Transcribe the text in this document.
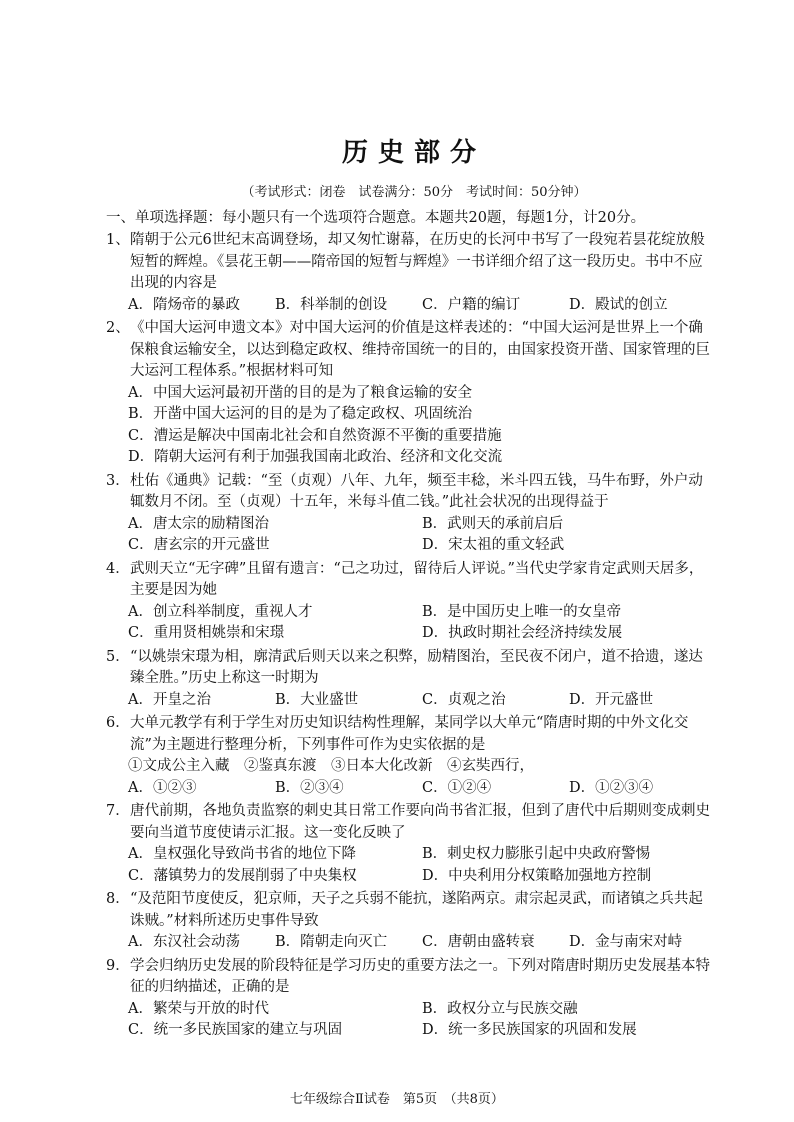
历史部分
（考试形式：闭卷　试卷满分：50分　考试时间：50分钟）
一、单项选择题：每小题只有一个选项符合题意。本题共20题，每题1分，计20分。
1、 隋朝于公元6世纪末高调登场，却又匆忙谢幕，在历史的长河中书写了一段宛若昙花绽放般短暂的辉煌。《昙花王朝——隋帝国的短暂与辉煌》一书详细介绍了这一段历史。书中不应出现的内容是
A．隋炀帝的暴政	B．科举制的创设	C．户籍的编订	D．殿试的创立
2、 《中国大运河申遗文本》对中国大运河的价值是这样表述的：“中国大运河是世界上一个确保粮食运输安全，以达到稳定政权、维持帝国统一的目的，由国家投资开凿、国家管理的巨大运河工程体系。”根据材料可知
A．中国大运河最初开凿的目的是为了粮食运输的安全
B．开凿中国大运河的目的是为了稳定政权、巩固统治
C．漕运是解决中国南北社会和自然资源不平衡的重要措施
D．隋朝大运河有利于加强我国南北政治、经济和文化交流
3． 杜佑《通典》记载：“至（贞观）八年、九年，频至丰稔，米斗四五钱，马牛布野，外户动辄数月不闭。至（贞观）十五年，米每斗值二钱。”此社会状况的出现得益于
A．唐太宗的励精图治	B．武则天的承前启后
C．唐玄宗的开元盛世	D．宋太祖的重文轻武
4． 武则天立“无字碑”且留有遗言：“己之功过，留待后人评说。”当代史学家肯定武则天居多，主要是因为她
A．创立科举制度，重视人才	B．是中国历史上唯一的女皇帝
C．重用贤相姚崇和宋璟	D．执政时期社会经济持续发展
5． “以姚崇宋璟为相，廓清武后则天以来之积弊，励精图治，至民夜不闭户，道不拾遗，遂达臻全胜。”历史上称这一时期为
A．开皇之治	B．大业盛世	C．贞观之治	D．开元盛世
6． 大单元教学有利于学生对历史知识结构性理解，某同学以大单元“隋唐时期的中外文化交流”为主题进行整理分析，下列事件可作为史实依据的是
①文成公主入藏　②鉴真东渡　③日本大化改新　④玄奘西行，
A．①②③	B．②③④	C．①②④	D．①②③④
7． 唐代前期，各地负责监察的刺史其日常工作要向尚书省汇报，但到了唐代中后期则变成刺史要向当道节度使请示汇报。这一变化反映了
A．皇权强化导致尚书省的地位下降	B．刺史权力膨胀引起中央政府警惕
C．藩镇势力的发展削弱了中央集权	D．中央利用分权策略加强地方控制
8． “及范阳节度使反，犯京师，天子之兵弱不能抗，遂陷两京。肃宗起灵武，而诸镇之兵共起诛贼。”材料所述历史事件导致
A．东汉社会动荡	B．隋朝走向灭亡	C．唐朝由盛转衰	D．金与南宋对峙
9． 学会归纳历史发展的阶段特征是学习历史的重要方法之一。下列对隋唐时期历史发展基本特征的归纳描述，正确的是
A．繁荣与开放的时代	B．政权分立与民族交融
C．统一多民族国家的建立与巩固	D．统一多民族国家的巩固和发展
七年级综合Ⅱ试卷　第5页　（共8页）
